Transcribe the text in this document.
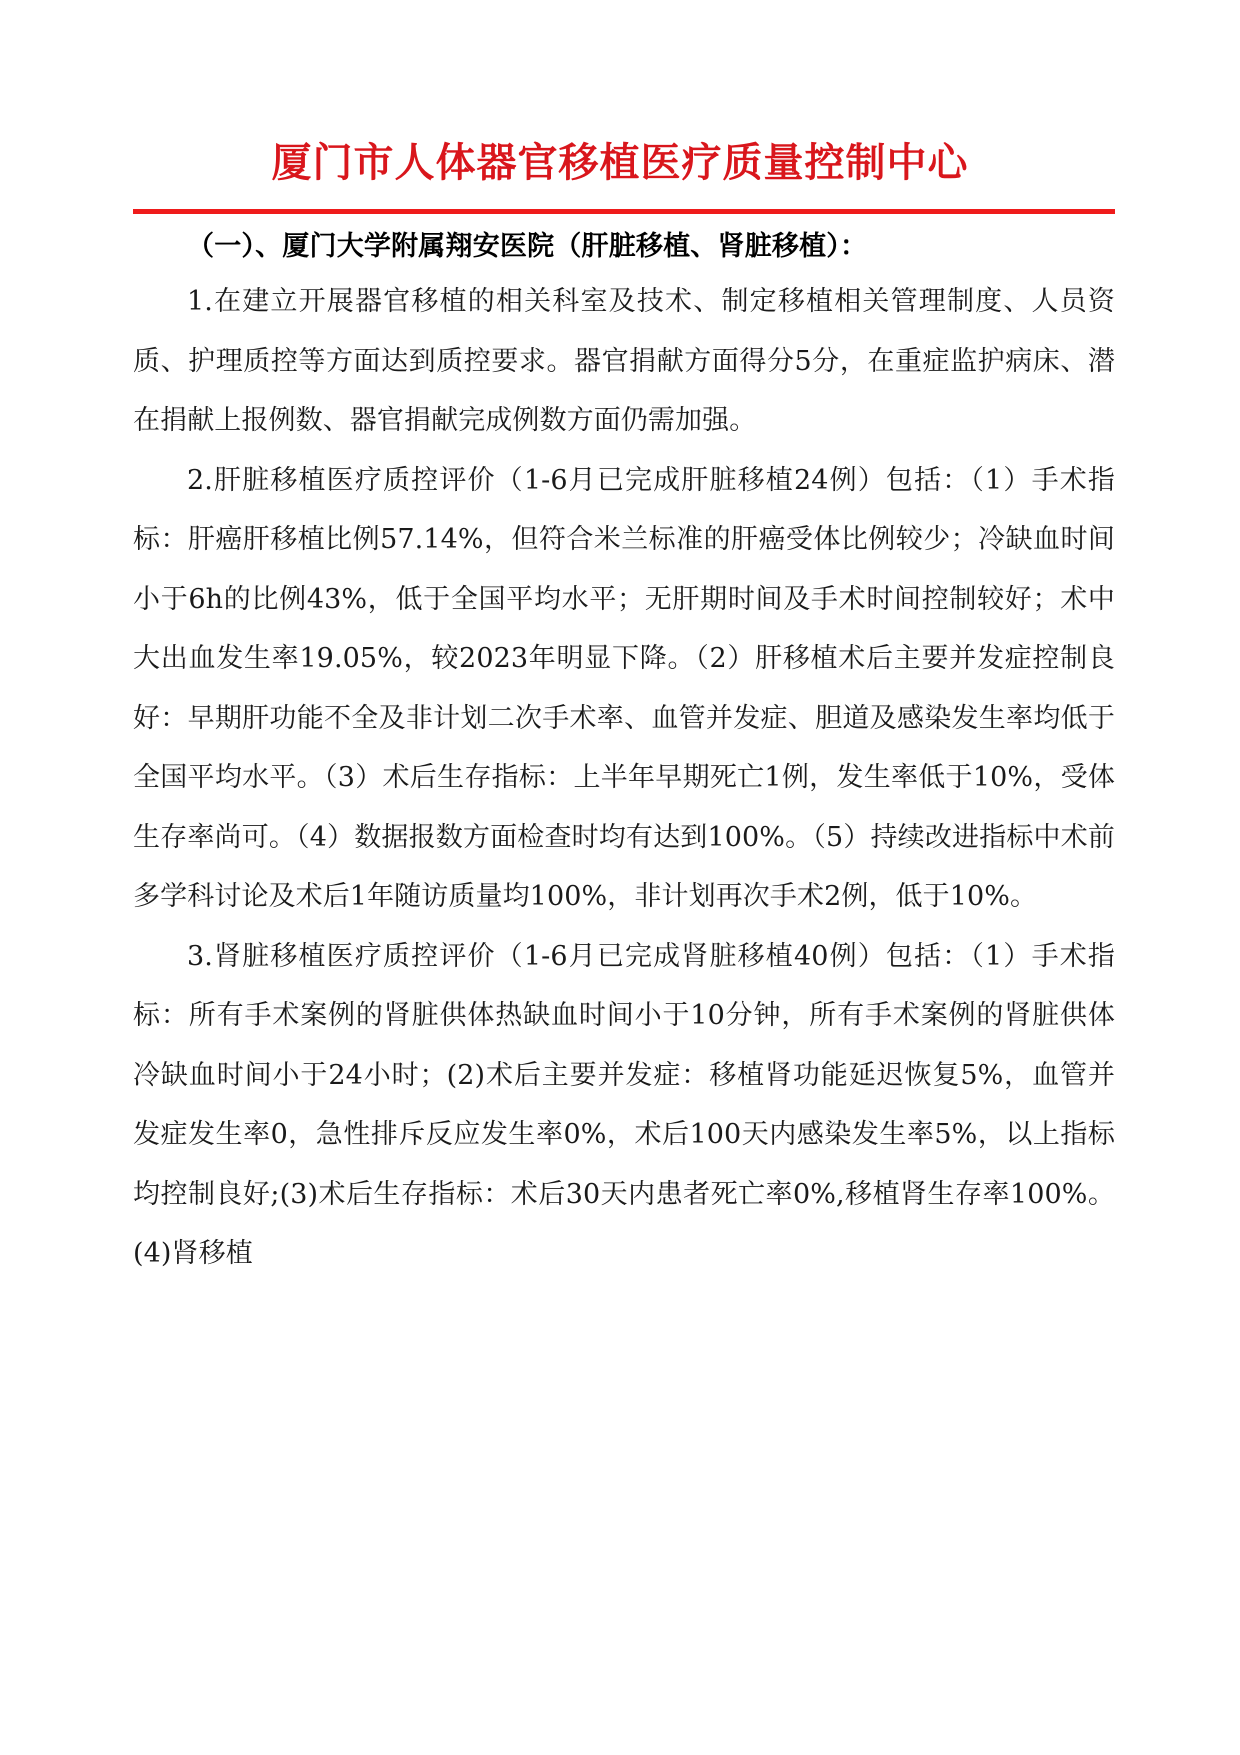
厦门市人体器官移植医疗质量控制中心
（一）、厦门大学附属翔安医院（肝脏移植、肾脏移植）：
1.在建立开展器官移植的相关科室及技术、制定移植相关管理制度、人员资质、护理质控等方面达到质控要求。器官捐献方面得分5分，在重症监护病床、潜在捐献上报例数、器官捐献完成例数方面仍需加强。
2.肝脏移植医疗质控评价（1-6月已完成肝脏移植24例）包括：（1）手术指标：肝癌肝移植比例57.14%，但符合米兰标准的肝癌受体比例较少；冷缺血时间小于6h的比例43%，低于全国平均水平；无肝期时间及手术时间控制较好；术中大出血发生率19.05%，较2023年明显下降。（2）肝移植术后主要并发症控制良好：早期肝功能不全及非计划二次手术率、血管并发症、胆道及感染发生率均低于全国平均水平。（3）术后生存指标：上半年早期死亡1例，发生率低于10%，受体生存率尚可。（4）数据报数方面检查时均有达到100%。（5）持续改进指标中术前多学科讨论及术后1年随访质量均100%，非计划再次手术2例，低于10%。
3.肾脏移植医疗质控评价（1-6月已完成肾脏移植40例）包括：（1）手术指标：所有手术案例的肾脏供体热缺血时间小于10分钟，所有手术案例的肾脏供体冷缺血时间小于24小时；(2)术后主要并发症：移植肾功能延迟恢复5%，血管并发症发生率0，急性排斥反应发生率0%，术后100天内感染发生率5%，以上指标均控制良好;(3)术后生存指标：术后30天内患者死亡率0%,移植肾生存率100%。(4)肾移植
